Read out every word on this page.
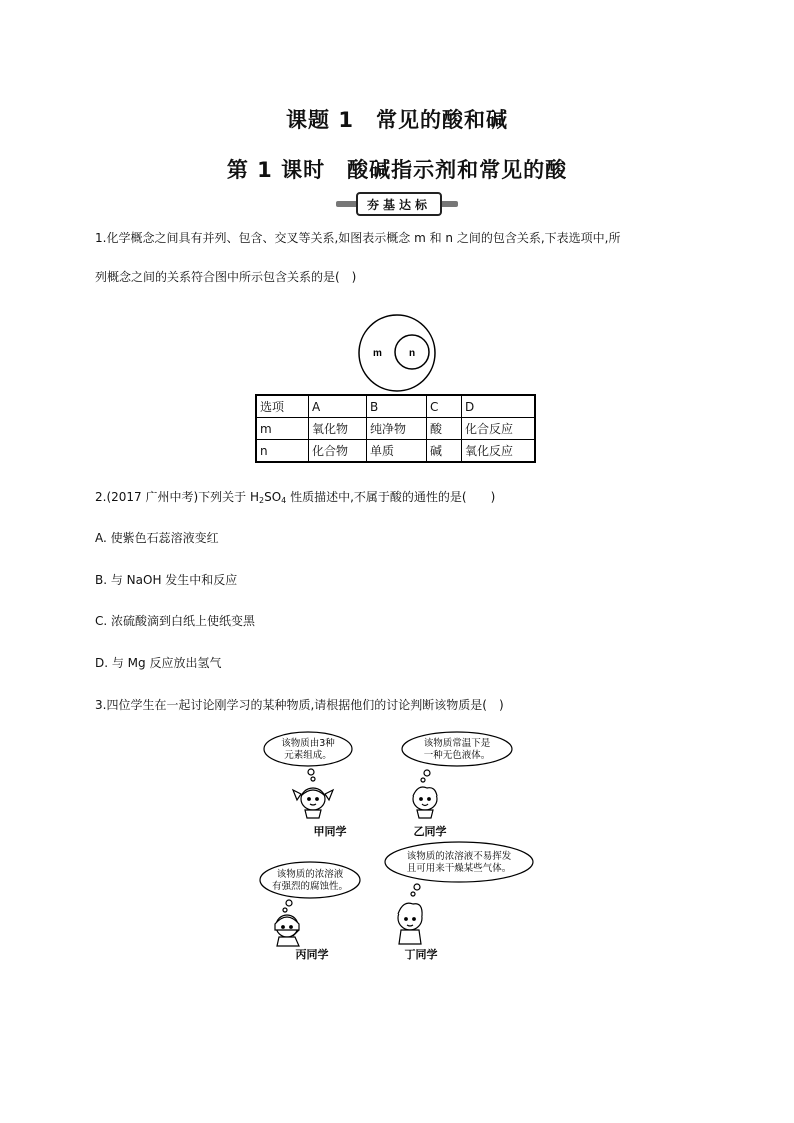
课题 1　常见的酸和碱
第 1 课时　酸碱指示剂和常见的酸
夯基达标
1.化学概念之间具有并列、包含、交叉等关系,如图表示概念 m 和 n 之间的包含关系,下表选项中,所
列概念之间的关系符合图中所示包含关系的是(　)
m	n
选项	A	B	C	D
m	氧化物	纯净物	酸	化合反应
n	化合物	单质	碱	氧化反应
2.(2017 广州中考)下列关于 $H_2SO_4$ 性质描述中,不属于酸的通性的是(　　)
A. 使紫色石蕊溶液变红
B. 与 NaOH 发生中和反应
C. 浓硫酸滴到白纸上使纸变黑
D. 与 Mg 反应放出氢气
3.四位学生在一起讨论刚学习的某种物质,请根据他们的讨论判断该物质是(　)
该物质由3种
元素组成。
该物质常温下是
一种无色液体。
该物质的浓溶液
有强烈的腐蚀性。
该物质的浓溶液不易挥发
且可用来干燥某些气体。
甲同学	乙同学
丙同学	丁同学
